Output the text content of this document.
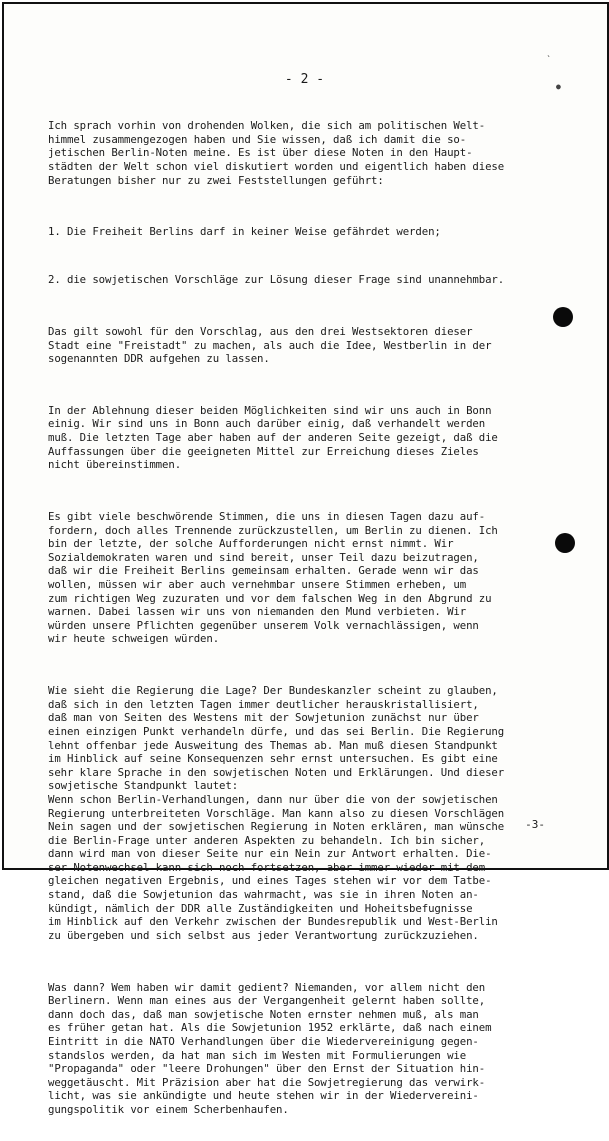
ˋ
●
- 2 -

Ich sprach vorhin von drohenden Wolken, die sich am politischen Welt-
himmel zusammengezogen haben und Sie wissen, daß ich damit die so-
jetischen Berlin-Noten meine. Es ist über diese Noten in den Haupt-
städten der Welt schon viel diskutiert worden und eigentlich haben diese
Beratungen bisher nur zu zwei Feststellungen geführt:

1. Die Freiheit Berlins darf in keiner Weise gefährdet werden;

2. die sowjetischen Vorschläge zur Lösung dieser Frage sind unannehmbar.

Das gilt sowohl für den Vorschlag, aus den drei Westsektoren dieser
Stadt eine "Freistadt" zu machen, als auch die Idee, Westberlin in der
sogenannten DDR aufgehen zu lassen.

In der Ablehnung dieser beiden Möglichkeiten sind wir uns auch in Bonn
einig. Wir sind uns in Bonn auch darüber einig, daß verhandelt werden
muß. Die letzten Tage aber haben auf der anderen Seite gezeigt, daß die
Auffassungen über die geeigneten Mittel zur Erreichung dieses Zieles
nicht übereinstimmen.

Es gibt viele beschwörende Stimmen, die uns in diesen Tagen dazu auf-
fordern, doch alles Trennende zurückzustellen, um Berlin zu dienen. Ich
bin der letzte, der solche Aufforderungen nicht ernst nimmt. Wir
Sozialdemokraten waren und sind bereit, unser Teil dazu beizutragen,
daß wir die Freiheit Berlins gemeinsam erhalten. Gerade wenn wir das
wollen, müssen wir aber auch vernehmbar unsere Stimmen erheben, um
zum richtigen Weg zuzuraten und vor dem falschen Weg in den Abgrund zu
warnen. Dabei lassen wir uns von niemanden den Mund verbieten. Wir
würden unsere Pflichten gegenüber unserem Volk vernachlässigen, wenn
wir heute schweigen würden.

Wie sieht die Regierung die Lage? Der Bundeskanzler scheint zu glauben,
daß sich in den letzten Tagen immer deutlicher herauskristallisiert,
daß man von Seiten des Westens mit der Sowjetunion zunächst nur über
einen einzigen Punkt verhandeln dürfe, und das sei Berlin. Die Regierung
lehnt offenbar jede Ausweitung des Themas ab. Man muß diesen Standpunkt
im Hinblick auf seine Konsequenzen sehr ernst untersuchen. Es gibt eine
sehr klare Sprache in den sowjetischen Noten und Erklärungen. Und dieser
sowjetische Standpunkt lautet:
Wenn schon Berlin-Verhandlungen, dann nur über die von der sowjetischen
Regierung unterbreiteten Vorschläge. Man kann also zu diesen Vorschlägen
Nein sagen und der sowjetischen Regierung in Noten erklären, man wünsche
die Berlin-Frage unter anderen Aspekten zu behandeln. Ich bin sicher,
dann wird man von dieser Seite nur ein Nein zur Antwort erhalten. Die-
ser Notenwechsel kann sich noch fortsetzen, aber immer wieder mit dem
gleichen negativen Ergebnis, und eines Tages stehen wir vor dem Tatbe-
stand, daß die Sowjetunion das wahrmacht, was sie in ihren Noten an-
kündigt, nämlich der DDR alle Zuständigkeiten und Hoheitsbefugnisse
im Hinblick auf den Verkehr zwischen der Bundesrepublik und West-Berlin
zu übergeben und sich selbst aus jeder Verantwortung zurückzuziehen.

Was dann? Wem haben wir damit gedient? Niemanden, vor allem nicht den
Berlinern. Wenn man eines aus der Vergangenheit gelernt haben sollte,
dann doch das, daß man sowjetische Noten ernster nehmen muß, als man
es früher getan hat. Als die Sowjetunion 1952 erklärte, daß nach einem
Eintritt in die NATO Verhandlungen über die Wiedervereinigung gegen-
standslos werden, da hat man sich im Westen mit Formulierungen wie
"Propaganda" oder "leere Drohungen" über den Ernst der Situation hin-
weggetäuscht. Mit Präzision aber hat die Sowjetregierung das verwirk-
licht, was sie ankündigte und heute stehen wir in der Wiedervereini-
gungspolitik vor einem Scherbenhaufen.

-3-
